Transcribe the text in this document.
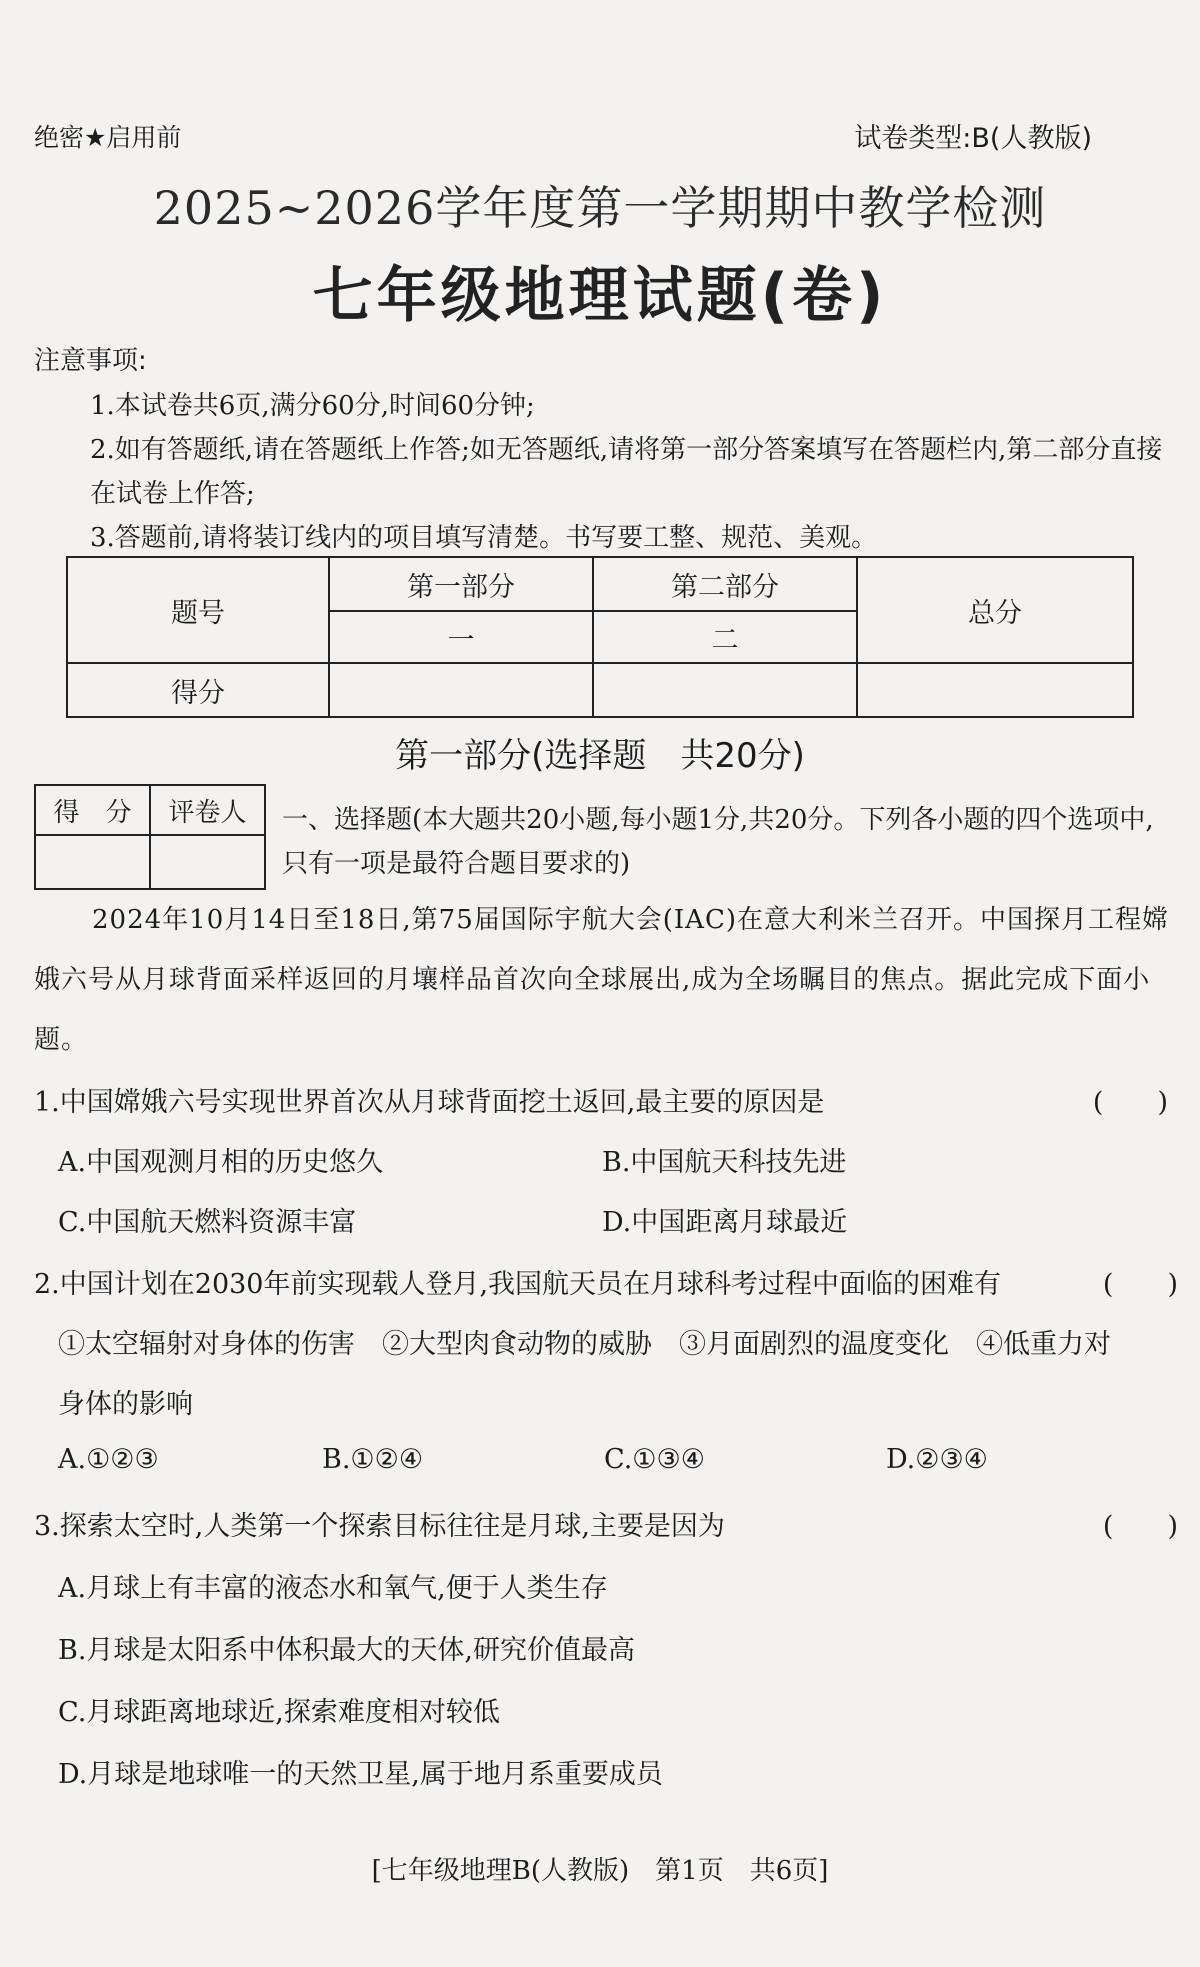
绝密★启用前	试卷类型:B(人教版)
2025~2026学年度第一学期期中教学检测
七年级地理试题(卷)
注意事项:
1.本试卷共6页,满分60分,时间60分钟;
2.如有答题纸,请在答题纸上作答;如无答题纸,请将第一部分答案填写在答题栏内,第二部分直接在试卷上作答;
3.答题前,请将装订线内的项目填写清楚。书写要工整、规范、美观。
题号	第一部分	第二部分	总分
	一	二	
得分			
第一部分(选择题　共20分)
得　分	评卷人
	一、选择题(本大题共20小题,每小题1分,共20分。下列各小题的四个选项中,只有一项是最符合题目要求的)
2024年10月14日至18日,第75届国际宇航大会(IAC)在意大利米兰召开。中国探月工程嫦娥六号从月球背面采样返回的月壤样品首次向全球展出,成为全场瞩目的焦点。据此完成下面小题。
1.中国嫦娥六号实现世界首次从月球背面挖土返回,最主要的原因是	(　　)
A.中国观测月相的历史悠久	B.中国航天科技先进
C.中国航天燃料资源丰富	D.中国距离月球最近
2.中国计划在2030年前实现载人登月,我国航天员在月球科考过程中面临的困难有	(　　)
①太空辐射对身体的伤害　②大型肉食动物的威胁　③月面剧烈的温度变化　④低重力对
身体的影响
A.①②③	B.①②④	C.①③④	D.②③④
3.探索太空时,人类第一个探索目标往往是月球,主要是因为	(　　)
A.月球上有丰富的液态水和氧气,便于人类生存
B.月球是太阳系中体积最大的天体,研究价值最高
C.月球距离地球近,探索难度相对较低
D.月球是地球唯一的天然卫星,属于地月系重要成员
[七年级地理B(人教版)　第1页　共6页]
